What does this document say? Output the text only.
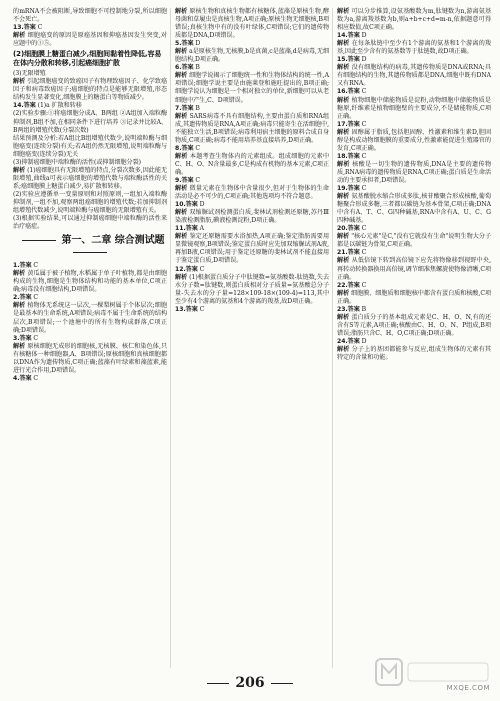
的mRNA不会被阻断,导致细胞不可控制地分裂,所以细胞不会死亡。

13.答案 C

解析 细胞癌变的原因是原癌基因和抑癌基因发生突变,对应题中的①⑤。

(2)细胞膜上糖蛋白减少,细胞间黏着性降低,容易在体内分散和转移,引起癌细胞扩散

(3)无限增殖

解析 引起细胞癌变的致癌因子有物理致癌因子、化学致癌因子和病毒致癌因子;癌细胞的特点是能够无限增殖,形态结构发生显著变化,细胞膜上的糖蛋白等物质减少。

14.答案 (1)a 扩散和转移

(2)实验步骤:①将癌细胞分成A、B两组 ②A组加入端粒酶抑制剂,B组不加,在相同条件下进行培养 ③记录并比较A、B两组的增殖代数(分裂次数)

结果预测及分析:若A组比B组增殖代数少,说明端粒酶与细胞癌变(连续分裂)有关;若A组仍然无限增殖,说明端粒酶与细胞癌变(连续分裂)无关

(3)抑制癌细胞中端粒酶的活性(或抑制细胞分裂)

解析 (1)癌细胞具有无限增殖的特点,分裂次数多,因此能无限增殖,曲线a可表示癌细胞的增殖代数与端粒酶活性的关系;癌细胞膜上糖蛋白减少,易扩散和转移。

(2)实验应遵循单一变量原则和对照原则,一组加入端粒酶抑制剂,一组不加,观察两组癌细胞的增殖代数;若加抑制剂组增殖代数减少,说明端粒酶与癌细胞的无限增殖有关。

(3)根据实验结果,可以通过抑制癌细胞中端粒酶的活性来治疗癌症。

第一、二章 综合测试题

1.答案 C

解析 黄瓜属于被子植物,水稻属于单子叶植物,都是由细胞构成的生物,细胞是生物体结构和功能的基本单位,C项正确;病毒没有细胞结构,D项错误。

2.答案 C

解析 植物体无系统这一层次,一棵梨树属于个体层次;细胞是最基本的生命系统,A项错误;病毒不属于生命系统的结构层次,B项错误;一个池塘中的所有生物构成群落,C项正确;D项错误。

3.答案 C

解析 原核细胞无成形的细胞核,无核膜、核仁和染色体,只有核糖体一种细胞器,A、B项错误;原核细胞和真核细胞都以DNA作为遗传物质,C项正确;蓝藻有叶绿素和藻蓝素,能进行光合作用,D项错误。

4.答案 C

解析 原核生物和真核生物都有核糖体,蓝藻是原核生物,酵母菌和草履虫是真核生物,A项正确;原核生物无细胞核,B项错误;真核生物中有的没有叶绿体,C项错误;它们的遗传物质都是DNA,D项错误。

5.答案 D

解析 a是原核生物,无核膜,b是真菌,c是蓝藻,d是病毒,无细胞结构,D项正确。

6.答案 B

解析 细胞学说揭示了细胞统一性和生物体结构的统一性,A项错误;细胞学说主要是由施莱登和施旺提出的,B项正确;细胞学说认为细胞是一个相对独立的单位,新细胞可以从老细胞中产生,C、D项错误。

7.答案 B

解析 SARS病毒不具有细胞结构,主要由蛋白质和RNA组成,其遗传物质是RNA,A项正确;病毒只能寄生在活细胞中,不能独立生活,B项错误;病毒利用宿主细胞的原料合成自身物质,C项正确;病毒不能用培养基直接培养,D项正确。

8.答案 C

解析 本题考查生物体内的元素组成。组成细胞的元素中C、H、O、N含量最多,C是构成有机物的基本元素,C项正确。

9.答案 C

解析 微量元素在生物体中含量很少,但对于生物体的生命活动是必不可少的,C项正确;其他选项均不符合题意。

10.答案 D

解析 双缩脲试剂检测蛋白质,斐林试剂检测还原糖,苏丹Ⅲ染液检测脂肪,碘液检测淀粉,D项正确。

11.答案 A

解析 鉴定还原糖需要水浴加热,A项正确;鉴定脂肪需要用显微镜观察,B项错误;鉴定蛋白质时应先加双缩脲试剂A液,再加B液,C项错误;用于鉴定还原糖的斐林试剂不能直接用于鉴定蛋白质,D项错误。

12.答案 C

解析 (1)根据蛋白质分子中肽键数=氨基酸数-肽链数,失去水分子数=肽键数,则蛋白质相对分子质量=氨基酸总分子量-失去水的分子量=128×109-18×(109-4)=113,其中至少有4个游离的氨基和4个游离的羧基,故D项正确。

13.答案 C

解析 可以分步推算,设氨基酸数为m,肽键数为n,游离氨基数为a,游离羧基数为b,则a+b+c+d=m-n,依据题意可得相应数值,故C项正确。

14.答案 D

解析 在每条肽链中至少有1个游离的氨基和1个游离的羧基,因此至少含有的氨基数等于肽链数,故D项正确。

15.答案 D

解析 没有细胞结构的病毒,其遗传物质是DNA或RNA;具有细胞结构的生物,其遗传物质都是DNA,细胞中既有DNA又有RNA。

16.答案 C

解析 植物细胞中储能物质是淀粉,动物细胞中储能物质是糖原,纤维素是植物细胞壁的主要成分,不是储能物质,C项正确。

17.答案 C

解析 固醇属于脂质,包括胆固醇、性激素和维生素D,胆固醇是构成动物细胞膜的重要成分,性激素能促进生殖器官的发育,C项正确。

18.答案 C

解析 核酸是一切生物的遗传物质,DNA是主要的遗传物质,RNA病毒的遗传物质是RNA,C项正确;蛋白质是生命活动的主要承担者,D项错误。

19.答案 C

解析 氨基酸脱水缩合形成多肽,核苷酸聚合形成核酸,葡萄糖聚合形成多糖,三者都以碳链为基本骨架,C项正确;DNA中含有A、T、C、G四种碱基,RNA中含有A、U、C、G四种碱基。

20.答案 C

解析 "核心元素"是C,"没有它就没有生命"说明生物大分子都是以碳链为骨架,C项正确。

21.答案 C

解析 从低倍镜下转到高倍镜下应先将物像移到视野中央,再转动转换器换用高倍镜,调节细准焦螺旋使物像清晰,C项正确。

22.答案 C

解析 细胞膜、细胞质和细胞核中都含有蛋白质和核酸,C项正确。

23.答案 B

解析 蛋白质分子的基本组成元素是C、H、O、N,有的还含有S等元素,A项正确;核酸由C、H、O、N、P组成,B项错误;脂肪只含C、H、O,C项正确;D项正确。

24.答案 D

解析 分子上的基团都能参与反应,组成生物体的元素有其特定的含量和功能。

206	MXQE.COM
